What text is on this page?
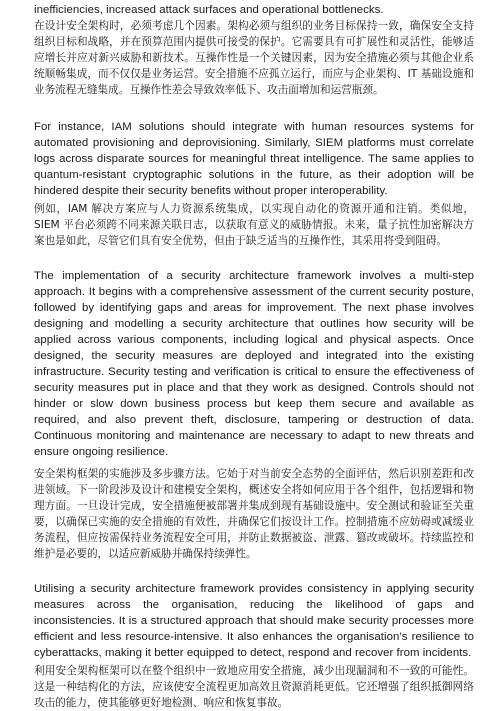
inefficiencies, increased attack surfaces and operational bottlenecks.

在设计安全架构时，必须考虑几个因素。架构必须与组织的业务目标保持一致，确保安全支持组织目标和战略，并在预算范围内提供可接受的保护。它需要具有可扩展性和灵活性，能够适应增长并应对新兴威胁和新技术。互操作性是一个关键因素，因为安全措施必须与其他企业系统顺畅集成，而不仅仅是业务运营。安全措施不应孤立运行，而应与企业架构、IT 基础设施和业务流程无缝集成。互操作性差会导致效率低下、攻击面增加和运营瓶颈。

For instance, IAM solutions should integrate with human resources systems for automated provisioning and deprovisioning. Similarly, SIEM platforms must correlate logs across disparate sources for meaningful threat intelligence. The same applies to quantum-resistant cryptographic solutions in the future, as their adoption will be hindered despite their security benefits without proper interoperability.

例如，IAM 解决方案应与人力资源系统集成，以实现自动化的资源开通和注销。类似地，SIEM 平台必须跨不同来源关联日志，以获取有意义的威胁情报。未来，量子抗性加密解决方案也是如此，尽管它们具有安全优势，但由于缺乏适当的互操作性，其采用将受到阻碍。

The implementation of a security architecture framework involves a multi-step approach. It begins with a comprehensive assessment of the current security posture, followed by identifying gaps and areas for improvement. The next phase involves designing and modelling a security architecture that outlines how security will be applied across various components, including logical and physical aspects. Once designed, the security measures are deployed and integrated into the existing infrastructure. Security testing and verification is critical to ensure the effectiveness of security measures put in place and that they work as designed. Controls should not hinder or slow down business process but keep them secure and available as required, and also prevent theft, disclosure, tampering or destruction of data. Continuous monitoring and maintenance are necessary to adapt to new threats and ensure ongoing resilience.

安全架构框架的实施涉及多步骤方法。它始于对当前安全态势的全面评估，然后识别差距和改进领域。下一阶段涉及设计和建模安全架构，概述安全将如何应用于各个组件，包括逻辑和物理方面。一旦设计完成，安全措施便被部署并集成到现有基础设施中。安全测试和验证至关重要，以确保已实施的安全措施的有效性，并确保它们按设计工作。控制措施不应妨碍或减缓业务流程，但应按需保持业务流程安全可用，并防止数据被盗、泄露、篡改或破坏。持续监控和维护是必要的，以适应新威胁并确保持续弹性。

Utilising a security architecture framework provides consistency in applying security measures across the organisation, reducing the likelihood of gaps and inconsistencies. It is a structured approach that should make security processes more efficient and less resource-intensive. It also enhances the organisation’s resilience to cyberattacks, making it better equipped to detect, respond and recover from incidents.

利用安全架构框架可以在整个组织中一致地应用安全措施，减少出现漏洞和不一致的可能性。这是一种结构化的方法，应该使安全流程更加高效且资源消耗更低。它还增强了组织抵御网络攻击的能力，使其能够更好地检测、响应和恢复事故。
